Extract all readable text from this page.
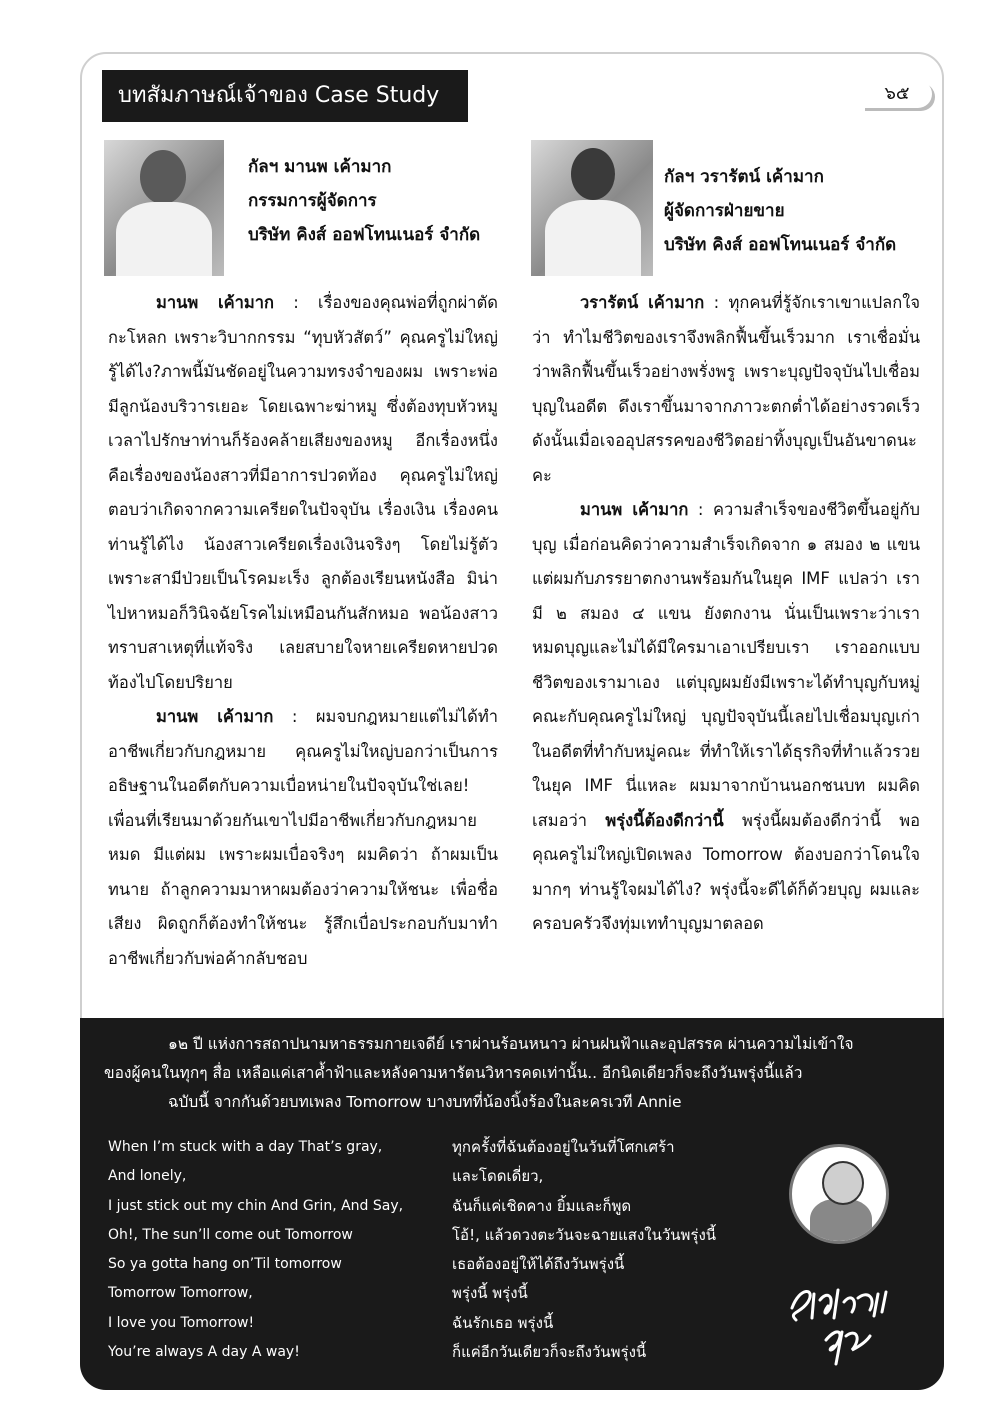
บทสัมภาษณ์เจ้าของ Case Study	๖๕
กัลฯ มานพ เค้ามาก
กรรมการผู้จัดการ
บริษัท คิงส์ ออฟโทนเนอร์ จำกัด
กัลฯ วรารัตน์ เค้ามาก
ผู้จัดการฝ่ายขาย
บริษัท คิงส์ ออฟโทนเนอร์ จำกัด

มานพ เค้ามาก : เรื่องของคุณพ่อที่ถูกผ่าตัดกะโหลก เพราะวิบากกรรม “ทุบหัวสัตว์” คุณครูไม่ใหญ่รู้ได้ไง?ภาพนี้มันชัดอยู่ในความทรงจำของผม เพราะพ่อมีลูกน้องบริวารเยอะ โดยเฉพาะฆ่าหมู ซึ่งต้องทุบหัวหมู เวลาไปรักษาท่านก็ร้องคล้ายเสียงของหมู อีกเรื่องหนึ่ง คือเรื่องของน้องสาวที่มีอาการปวดท้อง คุณครูไม่ใหญ่ตอบว่าเกิดจากความเครียดในปัจจุบัน เรื่องเงิน เรื่องคน ท่านรู้ได้ไง น้องสาวเครียดเรื่องเงินจริงๆ โดยไม่รู้ตัว เพราะสามีป่วยเป็นโรคมะเร็ง ลูกต้องเรียนหนังสือ มิน่าไปหาหมอก็วินิจฉัยโรคไม่เหมือนกันสักหมอ พอน้องสาวทราบสาเหตุที่แท้จริง เลยสบายใจหายเครียดหายปวดท้องไปโดยปริยาย

มานพ เค้ามาก : ผมจบกฎหมายแต่ไม่ได้ทำอาชีพเกี่ยวกับกฎหมาย คุณครูไม่ใหญ่บอกว่าเป็นการอธิษฐานในอดีตกับความเบื่อหน่ายในปัจจุบันใช่เลย! เพื่อนที่เรียนมาด้วยกันเขาไปมีอาชีพเกี่ยวกับกฎหมายหมด มีแต่ผม เพราะผมเบื่อจริงๆ ผมคิดว่า ถ้าผมเป็นทนาย ถ้าลูกความมาหาผมต้องว่าความให้ชนะ เพื่อชื่อเสียง ผิดถูกก็ต้องทำให้ชนะ รู้สึกเบื่อประกอบกับมาทำอาชีพเกี่ยวกับพ่อค้ากลับชอบ

วรารัตน์ เค้ามาก : ทุกคนที่รู้จักเราเขาแปลกใจว่า ทำไมชีวิตของเราจึงพลิกฟื้นขึ้นเร็วมาก เราเชื่อมั่นว่าพลิกฟื้นขึ้นเร็วอย่างพรั่งพรู เพราะบุญปัจจุบันไปเชื่อมบุญในอดีต ดึงเราขึ้นมาจากภาวะตกต่ำได้อย่างรวดเร็ว ดังนั้นเมื่อเจออุปสรรคของชีวิตอย่าทิ้งบุญเป็นอันขาดนะคะ

มานพ เค้ามาก : ความสำเร็จของชีวิตขึ้นอยู่กับบุญ เมื่อก่อนคิดว่าความสำเร็จเกิดจาก ๑ สมอง ๒ แขน แต่ผมกับภรรยาตกงานพร้อมกันในยุค IMF แปลว่า เรามี ๒ สมอง ๔ แขน ยังตกงาน นั่นเป็นเพราะว่าเราหมดบุญและไม่ได้มีใครมาเอาเปรียบเรา เราออกแบบชีวิตของเรามาเอง แต่บุญผมยังมีเพราะได้ทำบุญกับหมู่คณะกับคุณครูไม่ใหญ่ บุญปัจจุบันนี้เลยไปเชื่อมบุญเก่าในอดีตที่ทำกับหมู่คณะ ที่ทำให้เราได้ธุรกิจที่ทำแล้วรวยในยุค IMF นี่แหละ ผมมาจากบ้านนอกชนบท ผมคิดเสมอว่า พรุ่งนี้ต้องดีกว่านี้ พรุ่งนี้ผมต้องดีกว่านี้ พอคุณครูไม่ใหญ่เปิดเพลง Tomorrow ต้องบอกว่าโดนใจมากๆ ท่านรู้ใจผมได้ไง? พรุ่งนี้จะดีได้ก็ด้วยบุญ ผมและครอบครัวจึงทุ่มเททำบุญมาตลอด

๑๒ ปี แห่งการสถาปนามหาธรรมกายเจดีย์ เราผ่านร้อนหนาว ผ่านฝนฟ้าและอุปสรรค ผ่านความไม่เข้าใจ
ของผู้คนในทุกๆ สื่อ เหลือแค่เสาค้ำฟ้าและหลังคามหารัตนวิหารคดเท่านั้น.. อีกนิดเดียวก็จะถึงวันพรุ่งนี้แล้ว
ฉบับนี้ จากกันด้วยบทเพลง Tomorrow บางบทที่น้องนิ้งร้องในละครเวที Annie
When I’m stuck with a day That’s gray,
And lonely,
I just stick out my chin And Grin, And Say,
Oh!, The sun’ll come out Tomorrow
So ya gotta hang on’Til tomorrow
Tomorrow Tomorrow,
I love you Tomorrow!
You’re always A day A way!
ทุกครั้งที่ฉันต้องอยู่ในวันที่โศกเศร้า
และโดดเดี่ยว,
ฉันก็แค่เชิดคาง ยิ้มและก็พูด
โอ้!, แล้วดวงตะวันจะฉายแสงในวันพรุ่งนี้
เธอต้องอยู่ให้ได้ถึงวันพรุ่งนี้
พรุ่งนี้ พรุ่งนี้
ฉันรักเธอ พรุ่งนี้
ก็แค่อีกวันเดียวก็จะถึงวันพรุ่งนี้
